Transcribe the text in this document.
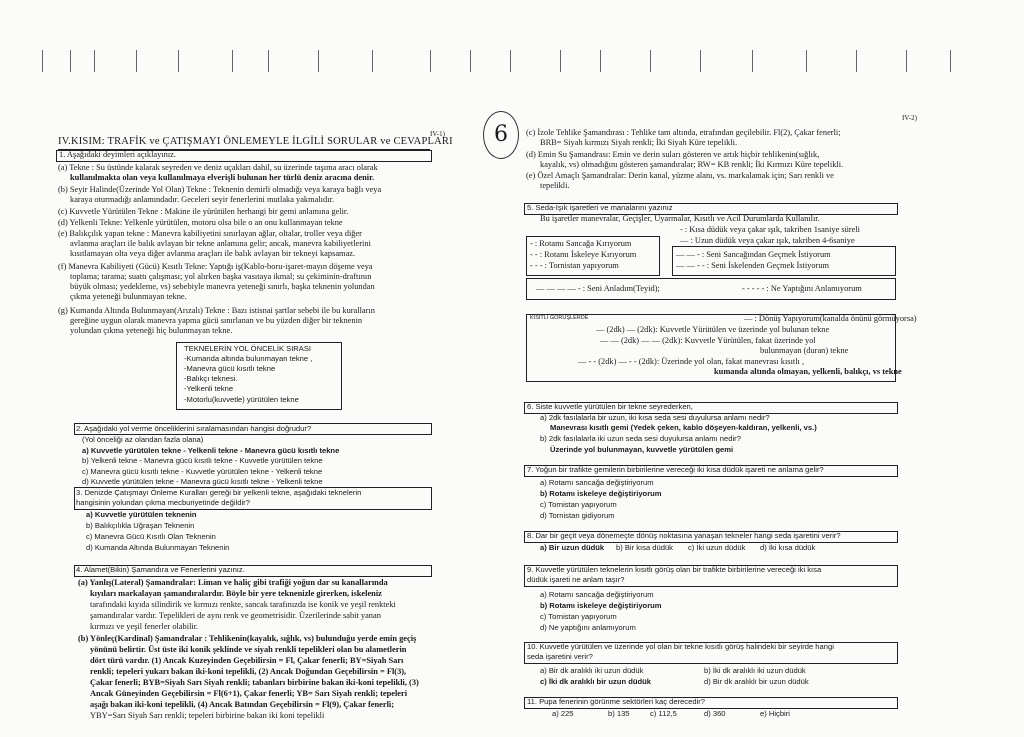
IV-1)
IV.KISIM: TRAFİK ve ÇATIŞMAYI ÖNLEMEYLE İLGİLİ SORULAR ve CEVAPLARI
1. Aşağıdaki deyimleri açıklayınız.
(a) Tekne : Su üstünde kalarak seyreden ve deniz uçakları dahil, su üzerinde taşıma aracı olarak
kullanılmakta olan veya kullanılmaya elverişli bulunan her türlü deniz aracına denir.
(b) Seyir Halinde(Üzerinde Yol Olan) Tekne : Teknenin demirli olmadığı veya karaya bağlı veya
karaya oturmadığı anlamındadır. Geceleri seyir fenerlerini mutlaka yakmalıdır.
(c) Kuvvetle Yürütülen Tekne : Makine ile yürütülen herhangi bir gemi anlamına gelir.
(d) Yelkenli Tekne: Yelkenle yürütülen, motoru olsa bile o an onu kullanmayan tekne
(e) Balıkçılık yapan tekne : Manevra kabiliyetini sınırlayan ağlar, oltalar, troller veya diğer
avlanma araçları ile balık avlayan bir tekne anlamına gelir; ancak, manevra kabiliyetlerini
kısıtlamayan olta veya diğer avlanma araçları ile balık avlayan bir tekneyi kapsamaz.
(f) Manevra Kabiliyeti (Gücü) Kısıtlı Tekne: Yaptığı iş(Kablo-boru-işaret-mayın döşeme veya
toplama; tarama; suattı çalışması; yol alırken başka vasıtaya ikmal; su çekiminin-draftının
büyük olması; yedekleme, vs) sebebiyle manevra yeteneği sınırlı, başka teknenin yolundan
çıkma yeteneği bulunmayan tekne.
(g) Kumanda Altında Bulunmayan(Arızalı) Tekne : Bazı istisnai şartlar sebebi ile bu kuralların
gereğine uygun olarak manevra yapma gücü sınırlanan ve bu yüzden diğer bir teknenin
yolundan çıkma yeteneği hiç bulunmayan tekne.
TEKNELERİN YOL ÖNCELİK SIRASI
-Kumanda altında bulunmayan tekne ,
-Manevra gücü kısıtlı tekne
-Balıkçı teknesi.
-Yelkenli tekne
-Motorlu(kuvvetle) yürütülen tekne
2. Aşağıdaki yol verme önceliklerini sıralamasından hangisi doğrudur?
(Yol önceliği az olandan fazla olana)
a) Kuvvetle yürütülen tekne - Yelkenli tekne - Manevra gücü kısıtlı tekne
b) Yelkenli tekne - Manevra gücü kısıtlı tekne - Kuvvetle yürütülen tekne
c) Manevra gücü kısıtlı tekne - Kuvvetle yürütülen tekne - Yelkenli tekne
d) Kuvvetle yürütülen tekne - Manevra gücü kısıtlı tekne - Yelkenli tekne
3. Denizde Çatışmayı Önleme Kuralları gereği bir yelkenli tekne, aşağıdaki teknelerin
hangisinin yolundan çıkma mecburiyetinde değildir?
a) Kuvvetle yürütülen teknenin
b) Balıkçılıkla Uğraşan Teknenin
c) Manevra Gücü Kısıtlı Olan Teknenin
d) Kumanda Altında Bulunmayan Teknenin
4. Alamet(Bikin) Şamandıra ve Fenerlerini yazınız.
(a) Yanlış(Lateral) Şamandralar: Liman ve haliç gibi trafiği yoğun dar su kanallarında
kıyıları markalayan şamandıralardır. Böyle bir yere teknenizle girerken, iskeleniz
tarafındaki kıyıda silindirik ve kırmızı renkte, sancak tarafınızda ise konik ve yeşil renkteki
şamandıralar vardır. Tepelikleri de aynı renk ve geometrisidir. Üzerilerinde sabit yanan
kırmızı ve yeşil fenerler olabilir.
(b) Yönleç(Kardinal) Şamandralar : Tehlikenin(kayalık, sığlık, vs) bulunduğu yerde emin geçiş
yönünü belirtir. Üst üste iki konik şeklinde ve siyah renkli tepelikleri olan bu alametlerin
dört türü vardır. (1) Ancak Kuzeyinden Geçebilirsin = Fl, Çakar fenerli; BY=Siyah Sarı
renkli; tepeleri yukarı bakan iki-koni tepelikli, (2) Ancak Doğundan Geçebilirsin = Fl(3),
Çakar fenerli; BYB=Siyah Sarı Siyah renkli; tabanları birbirine bakan iki-koni tepelikli, (3)
Ancak Güneyinden Geçebilirsin = Fl(6+1), Çakar fenerli; YB= Sarı Siyah renkli; tepeleri
aşağı bakan iki-koni tepelikli, (4) Ancak Batından Geçebilirsin = Fl(9), Çakar fenerli;
YBY=Sarı Siyah Sarı renkli; tepeleri birbirine bakan iki koni tepelikli
6
IV-2)
(c) İzole Tehlike Şamandırası : Tehlike tam altında, etrafından geçilebilir. Fl(2), Çakar fenerli;
BRB= Siyah kırmızı Siyah renkli; İki Siyah Küre tepelikli.
(d) Emin Su Şamandrası: Emin ve derin suları gösteren ve artık hiçbir tehlikenin(sığlık,
kayalık, vs) olmadığını gösteren şamandıralar; RW= KB renkli; İki Kırmızı Küre tepelikli.
(e) Özel Amaçlı Şamandralar: Derin kanal, yüzme alanı, vs. markalamak için; Sarı renkli ve
tepelikli.
5. Seda-Işık işaretleri ve manalarını yazınız
Bu işaretler manevralar, Geçişler, Uyarmalar, Kısıtlı ve Acil Durumlarda Kullanılır.
- : Kısa düdük veya çakar ışık, takriben 1saniye süreli
— : Uzun düdük veya çakar ışık, takriben 4-6saniye
- : Rotamı Sancağa Kırıyorum
- - : Rotamı İskeleye Kırıyorum
- - - : Tornistan yapıyorum
— — - : Seni Sancağından Geçmek İstiyorum
— — - - : Seni İskelenden Geçmek İstiyorum
— — — — - : Seni Anladım(Teyid);	- - - - - : Ne Yaptığını Anlamıyorum
KISITLI GÖRÜŞLERDE	— : Dönüş Yapıyorum(kanalda önünü görmüyorsa)
— (2dk) — (2dk): Kuvvetle Yürütülen ve üzerinde yol bulunan tekne
— — (2dk) — — (2dk): Kuvvetle Yürütülen, fakat üzerinde yol
bulunmayan (duran) tekne
— - - (2dk) — - - (2dk): Üzerinde yol olan, fakat manevrası kısıtlı ,
kumanda altında olmayan, yelkenli, balıkçı, vs tekne
6. Siste kuvvetle yürütülen bir tekne seyrederken,
a) 2dk fasılalarla bir uzun, iki kısa seda sesi duyulursa anlamı nedir?
Manevrası kısıtlı gemi (Yedek çeken, kablo döşeyen-kaldıran, yelkenli, vs.)
b) 2dk fasılalarla iki uzun seda sesi duyulursa anlamı nedir?
Üzerinde yol bulunmayan, kuvvetle yürütülen gemi
7. Yoğun bir trafikte gemilerin birbirilerine vereceği iki kısa düdük işareti ne anlama gelir?
a) Rotamı sancağa değiştiriyorum
b) Rotamı iskeleye değiştiriyorum
c) Tornistan yapıyorum
d) Tornistan gidiyorum
8. Dar bir geçit veya dönemeçte dönüş noktasına yanaşan tekneler hangi seda işaretini verir?
a) Bir uzun düdük b) Bir kısa düdük c) İki uzun düdük d) İki kısa düdük
9. Kuvvetle yürütülen teknelerin kısıtlı görüş olan bir trafikte birbirilerine vereceği iki kısa
düdük işareti ne anlam taşır?
a) Rotamı sancağa değiştiriyorum
b) Rotamı iskeleye değiştiriyorum
c) Tornistan yapıyorum
d) Ne yaptığını anlamıyorum
10. Kuvvetle yürütülen ve üzerinde yol olan bir tekne kısıtlı görüş halindeki bir seyirde hangi
seda işaretini verir?
a) Bir dk aralıklı iki uzun düdük	b) İki dk aralıklı iki uzun düdük
c) İki dk aralıklı bir uzun düdük	d) Bir dk aralıklı bir uzun düdük
11. Pupa fenerinin görünme sektörleri kaç derecedir?
a) 225	b) 135	c) 112,5	d) 360	e) Hiçbiri
